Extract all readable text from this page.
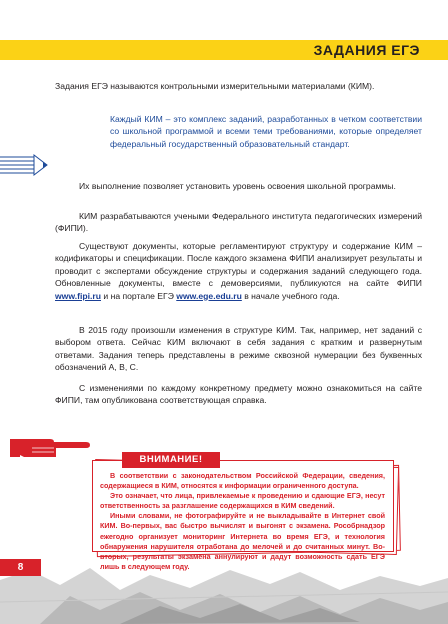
ЗАДАНИЯ ЕГЭ

Задания ЕГЭ называются контрольными измерительными материалами (КИМ).

Каждый КИМ – это комплекс заданий, разработанных в четком соответствии со школьной программой и всеми теми требованиями, которые определяет федеральный государственный образовательный стандарт.

Их выполнение позволяет установить уровень освоения школьной программы.

КИМ разрабатываются учеными Федерального института педагогических измерений (ФИПИ).

Существуют документы, которые регламентируют структуру и содержание КИМ – кодификаторы и спецификации. После каждого экзамена ФИПИ анализирует результаты и проводит с экспертами обсуждение структуры и содержания заданий следующего года. Обновленные документы, вместе с демоверсиями, публикуются на сайте ФИПИ www.fipi.ru и на портале ЕГЭ www.ege.edu.ru в начале учебного года.

В 2015 году произошли изменения в структуре КИМ. Так, например, нет заданий с выбором ответа. Сейчас КИМ включают в себя задания с кратким и развернутым ответами. Задания теперь представлены в режиме сквозной нумерации без буквенных обозначений А, В, С.

С изменениями по каждому конкретному предмету можно ознакомиться на сайте ФИПИ, там опубликована соответствующая справка.

ВНИМАНИЕ!

В соответствии с законодательством Российской Федерации, сведения, содержащиеся в КИМ, относятся к информации ограниченного доступа.

Это означает, что лица, привлекаемые к проведению и сдающие ЕГЭ, несут ответственность за разглашение содержащихся в КИМ сведений.

Иными словами, не фотографируйте и не выкладывайте в Интернет свой КИМ. Во-первых, вас быстро вычислят и выгонят с экзамена. Рособрнадзор ежегодно организует мониторинг Интернета во время ЕГЭ, и технология обнаружения нарушителя отработана до мелочей и до считанных минут. Во-вторых, результаты экзамена аннулируют и дадут возможность сдать ЕГЭ лишь в следующем году.

8
